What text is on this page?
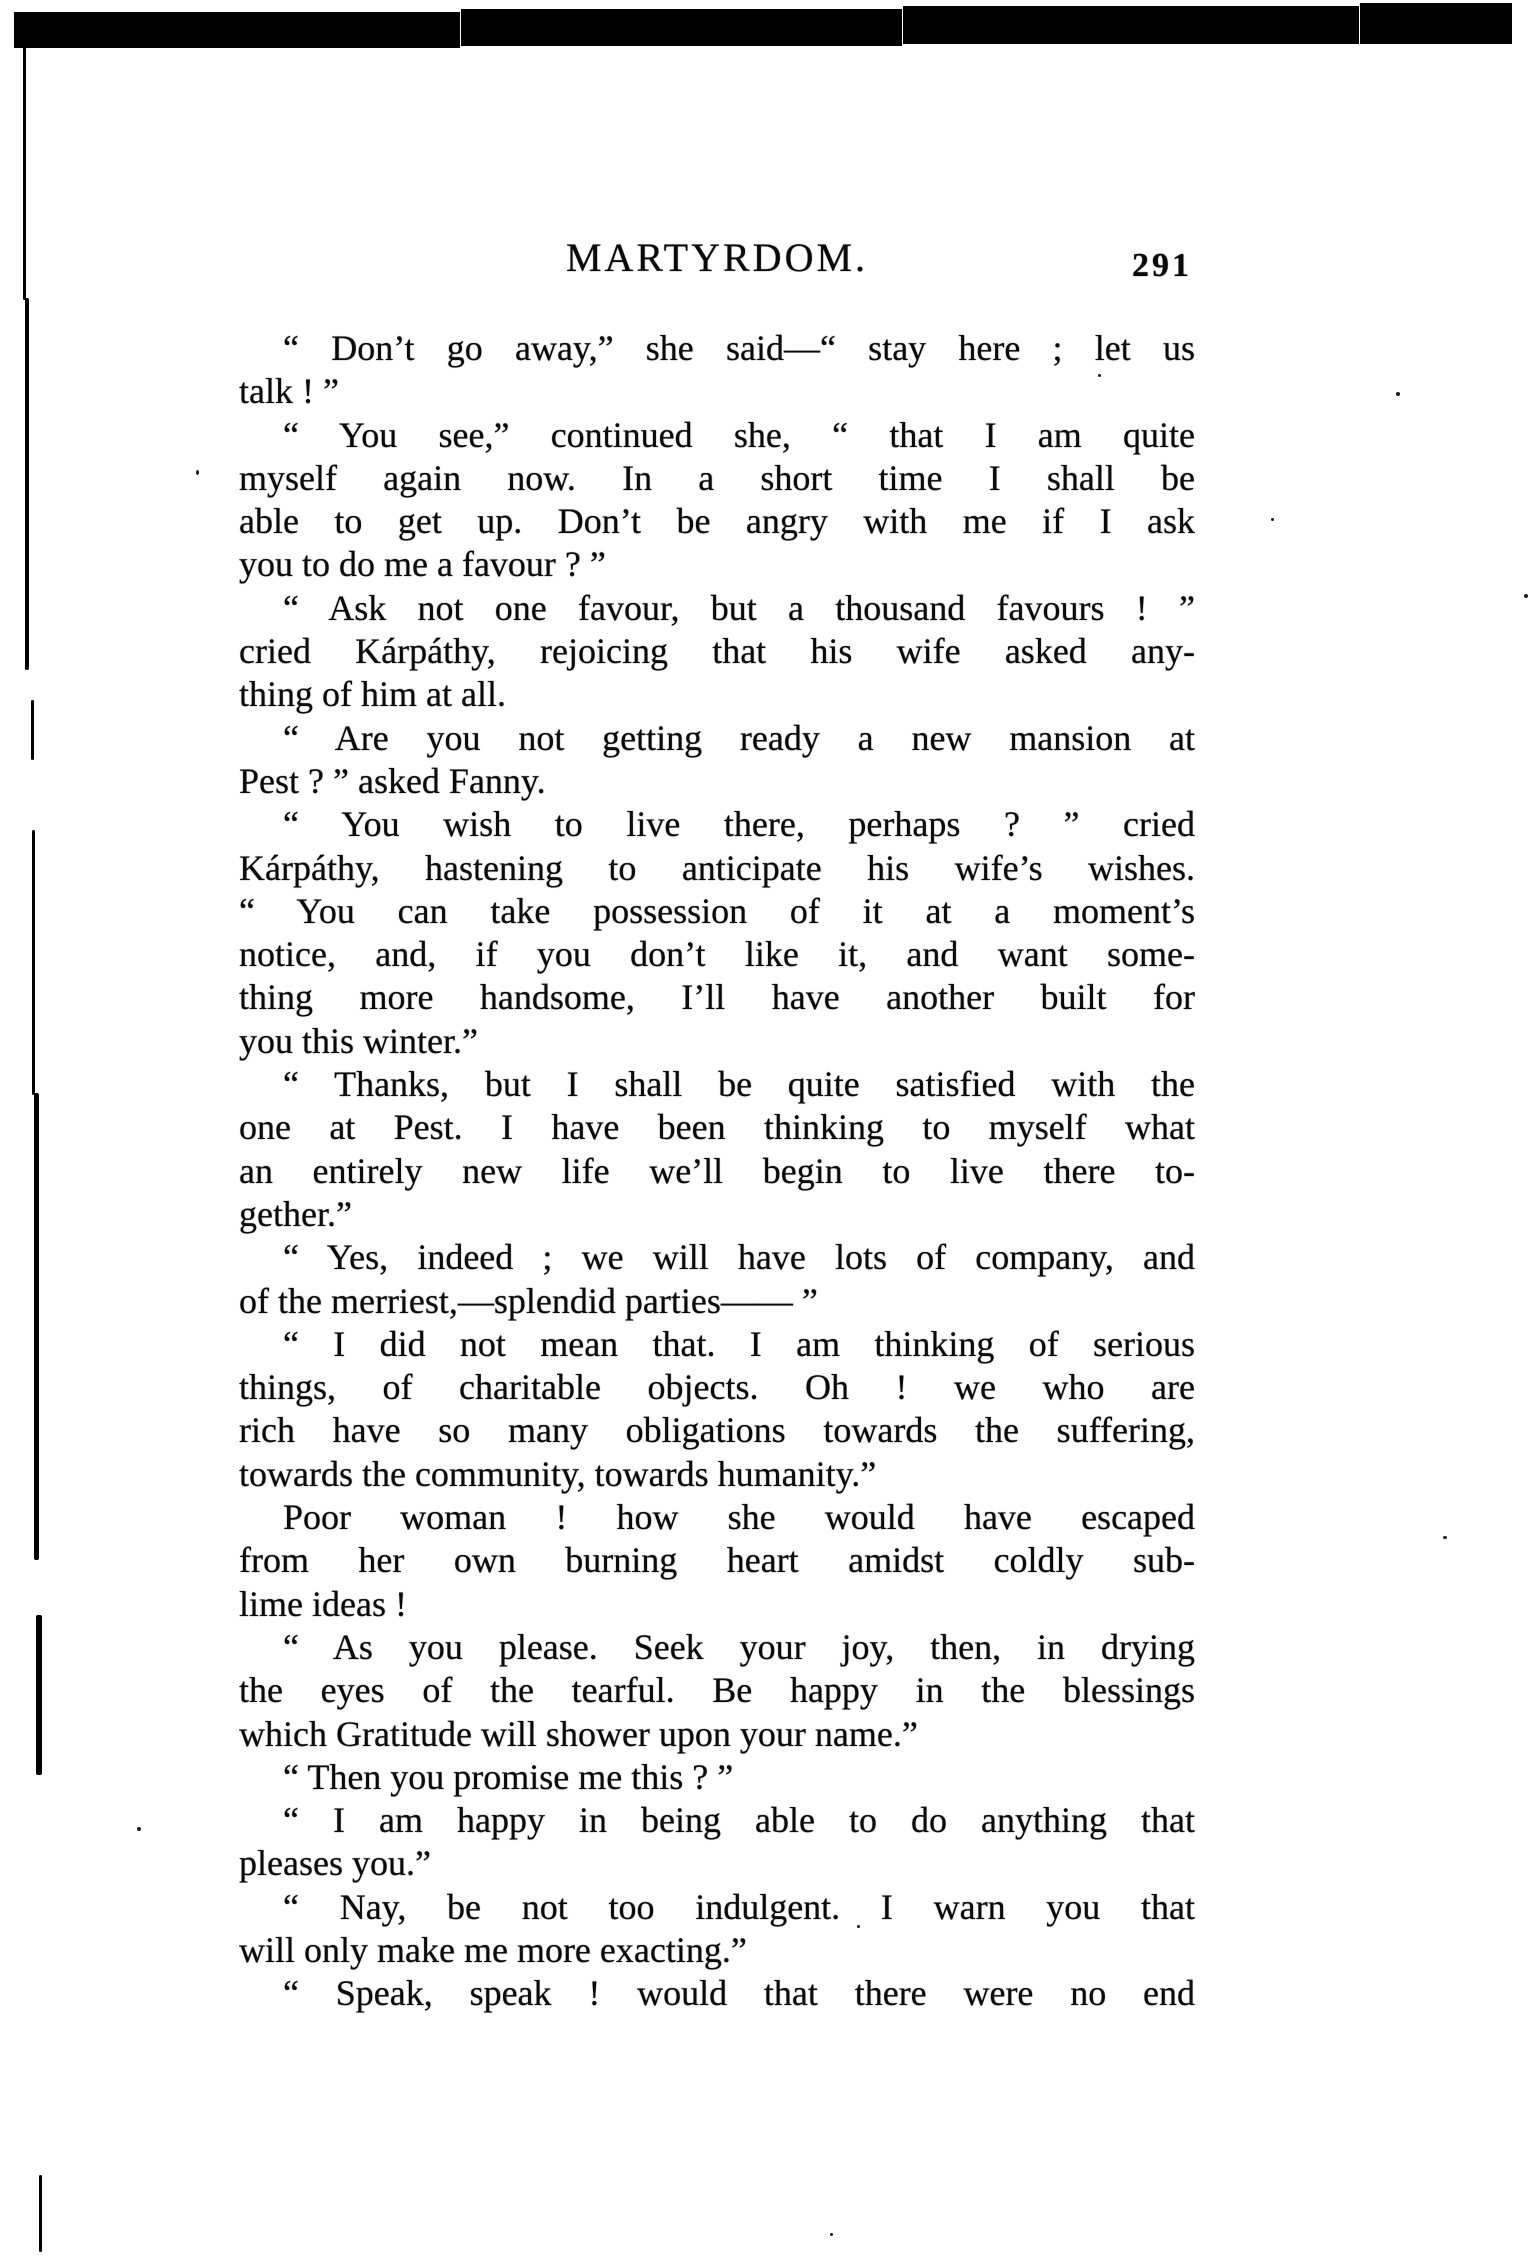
MARTYRDOM.	291
“ Don’t go away,” she said—“ stay here ; let us
talk ! ”
“ You see,” continued she, “ that I am quite
myself again now. In a short time I shall be
able to get up. Don’t be angry with me if I ask
you to do me a favour ? ”
“ Ask not one favour, but a thousand favours ! ”
cried Kárpáthy, rejoicing that his wife asked any-
thing of him at all.
“ Are you not getting ready a new mansion at
Pest ? ” asked Fanny.
“ You wish to live there, perhaps ? ” cried
Kárpáthy, hastening to anticipate his wife’s wishes.
“ You can take possession of it at a moment’s
notice, and, if you don’t like it, and want some-
thing more handsome, I’ll have another built for
you this winter.”
“ Thanks, but I shall be quite satisfied with the
one at Pest. I have been thinking to myself what
an entirely new life we’ll begin to live there to-
gether.”
“ Yes, indeed ; we will have lots of company, and
of the merriest,—splendid parties—— ”
“ I did not mean that. I am thinking of serious
things, of charitable objects. Oh ! we who are
rich have so many obligations towards the suffering,
towards the community, towards humanity.”
Poor woman ! how she would have escaped
from her own burning heart amidst coldly sub-
lime ideas !
“ As you please. Seek your joy, then, in drying
the eyes of the tearful. Be happy in the blessings
which Gratitude will shower upon your name.”
“ Then you promise me this ? ”
“ I am happy in being able to do anything that
pleases you.”
“ Nay, be not too indulgent. I warn you that
will only make me more exacting.”
“ Speak, speak ! would that there were no end
